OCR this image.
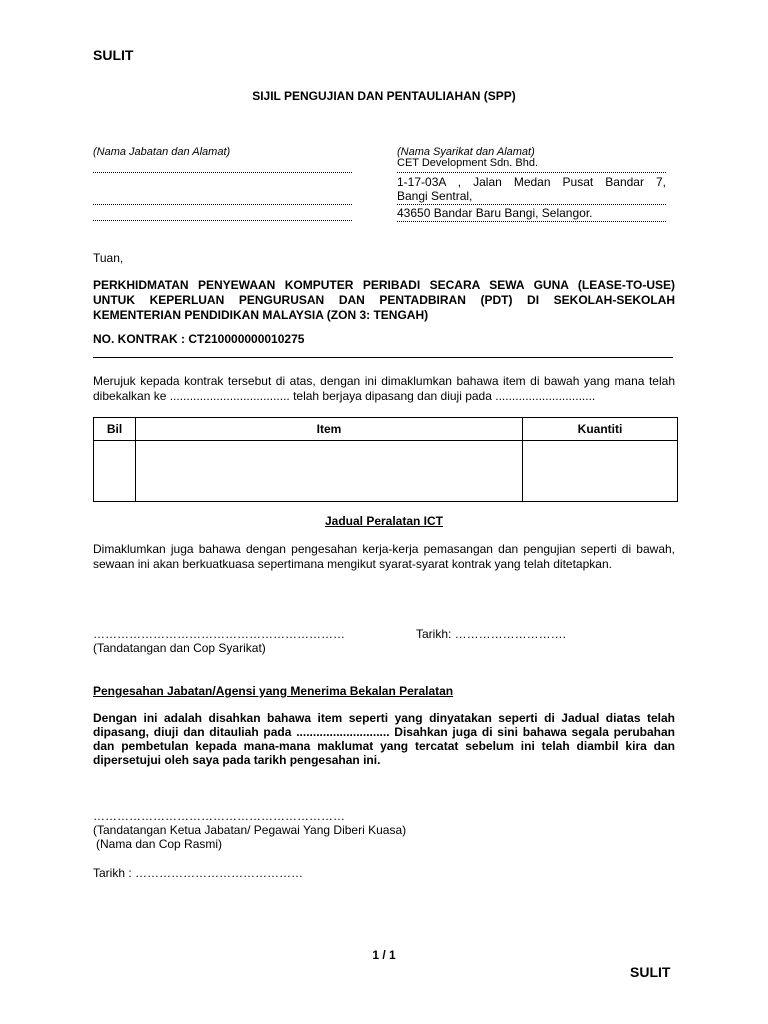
SULIT
SIJIL PENGUJIAN DAN PENTAULIAHAN (SPP)
(Nama Jabatan dan Alamat)	(Nama Syarikat dan Alamat)
CET Development Sdn. Bhd.
1-17-03A , Jalan Medan Pusat Bandar 7,
Bangi Sentral,
43650 Bandar Baru Bangi, Selangor.
Tuan,
PERKHIDMATAN PENYEWAAN KOMPUTER PERIBADI SECARA SEWA GUNA (LEASE-TO-USE) UNTUK KEPERLUAN PENGURUSAN DAN PENTADBIRAN (PDT) DI SEKOLAH-SEKOLAH KEMENTERIAN PENDIDIKAN MALAYSIA (ZON 3: TENGAH)
NO. KONTRAK : CT210000000010275
Merujuk kepada kontrak tersebut di atas, dengan ini dimaklumkan bahawa item di bawah yang mana telah dibekalkan ke .................................... telah berjaya dipasang dan diuji pada ..............................
Bil	Item	Kuantiti

Jadual Peralatan ICT
Dimaklumkan juga bahawa dengan pengesahan kerja-kerja pemasangan dan pengujian seperti di bawah, sewaan ini akan berkuatkuasa sepertimana mengikut syarat-syarat kontrak yang telah ditetapkan.
………………………………………………………	Tarikh: ……………………….
(Tandatangan dan Cop Syarikat)
Pengesahan Jabatan/Agensi yang Menerima Bekalan Peralatan
Dengan ini adalah disahkan bahawa item seperti yang dinyatakan seperti di Jadual diatas telah dipasang, diuji dan ditauliah pada ............................ Disahkan juga di sini bahawa segala perubahan dan pembetulan kepada mana-mana maklumat yang tercatat sebelum ini telah diambil kira dan dipersetujui oleh saya pada tarikh pengesahan ini.
………………………………………………………
(Tandatangan Ketua Jabatan/ Pegawai Yang Diberi Kuasa)
(Nama dan Cop Rasmi)
Tarikh : ……………………………………
1 / 1
SULIT
